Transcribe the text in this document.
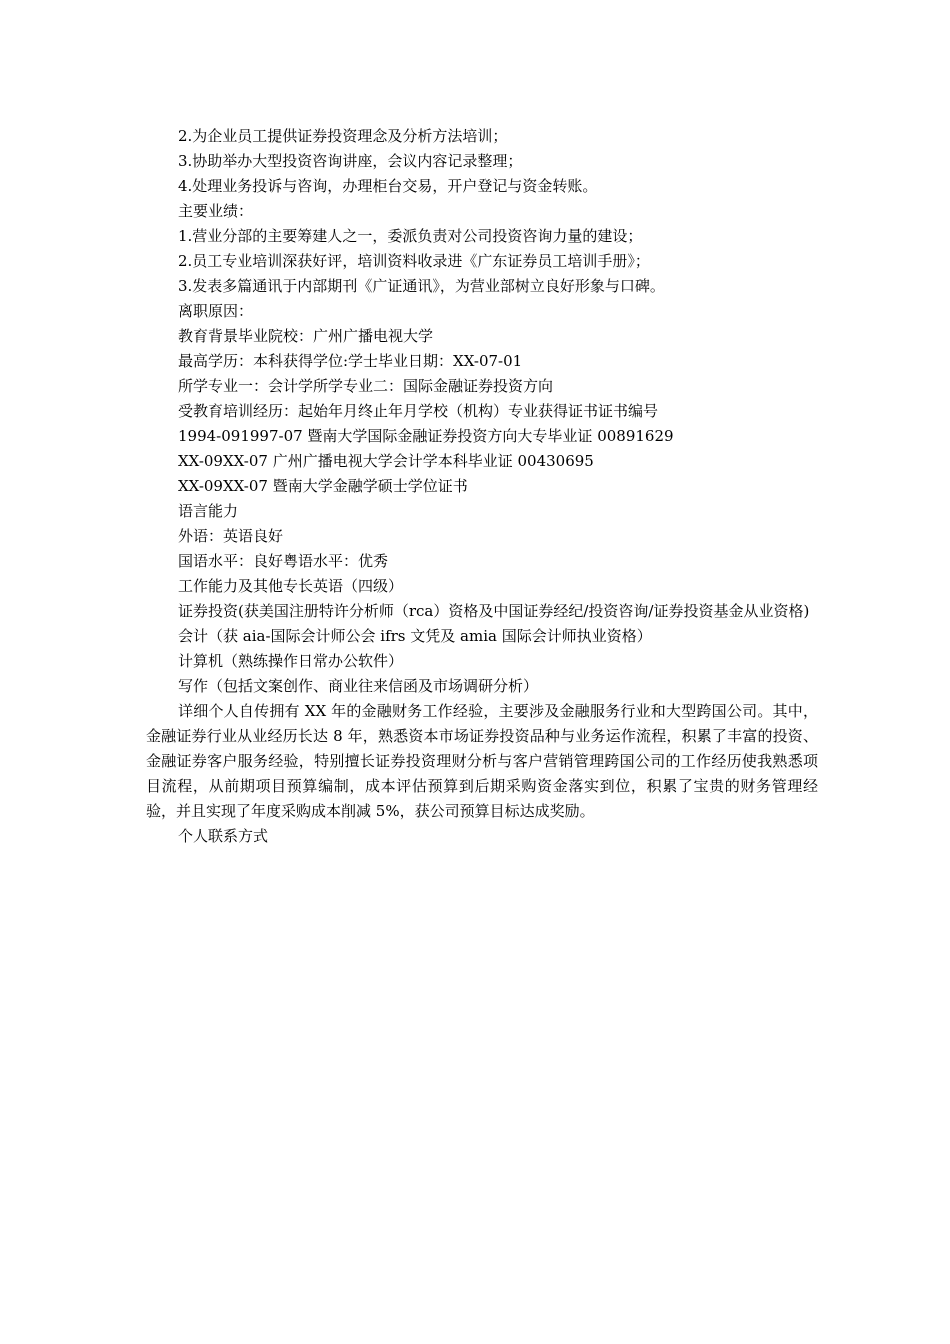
2.为企业员工提供证券投资理念及分析方法培训；

3.协助举办大型投资咨询讲座，会议内容记录整理；

4.处理业务投诉与咨询，办理柜台交易，开户登记与资金转账。

主要业绩：

1.营业分部的主要筹建人之一，委派负责对公司投资咨询力量的建设；

2.员工专业培训深获好评，培训资料收录进《广东证券员工培训手册》；

3.发表多篇通讯于内部期刊《广证通讯》，为营业部树立良好形象与口碑。

离职原因：

教育背景毕业院校：广州广播电视大学

最高学历：本科获得学位:学士毕业日期：XX-07-01

所学专业一：会计学所学专业二：国际金融证券投资方向

受教育培训经历：起始年月终止年月学校（机构）专业获得证书证书编号

1994-091997-07 暨南大学国际金融证券投资方向大专毕业证 00891629

XX-09XX-07 广州广播电视大学会计学本科毕业证 00430695

XX-09XX-07 暨南大学金融学硕士学位证书

语言能力

外语：英语良好

国语水平：良好粤语水平：优秀

工作能力及其他专长英语（四级）

证券投资(获美国注册特许分析师（rca）资格及中国证券经纪/投资咨询/证券投资基金从业资格)

会计（获 aia-国际会计师公会 ifrs 文凭及 amia 国际会计师执业资格）

计算机（熟练操作日常办公软件）

写作（包括文案创作、商业往来信函及市场调研分析）

详细个人自传拥有 XX 年的金融财务工作经验，主要涉及金融服务行业和大型跨国公司。其中，金融证券行业从业经历长达 8 年，熟悉资本市场证券投资品种与业务运作流程，积累了丰富的投资、金融证券客户服务经验，特别擅长证券投资理财分析与客户营销管理跨国公司的工作经历使我熟悉项目流程，从前期项目预算编制，成本评估预算到后期采购资金落实到位，积累了宝贵的财务管理经验，并且实现了年度采购成本削减 5%，获公司预算目标达成奖励。

个人联系方式
